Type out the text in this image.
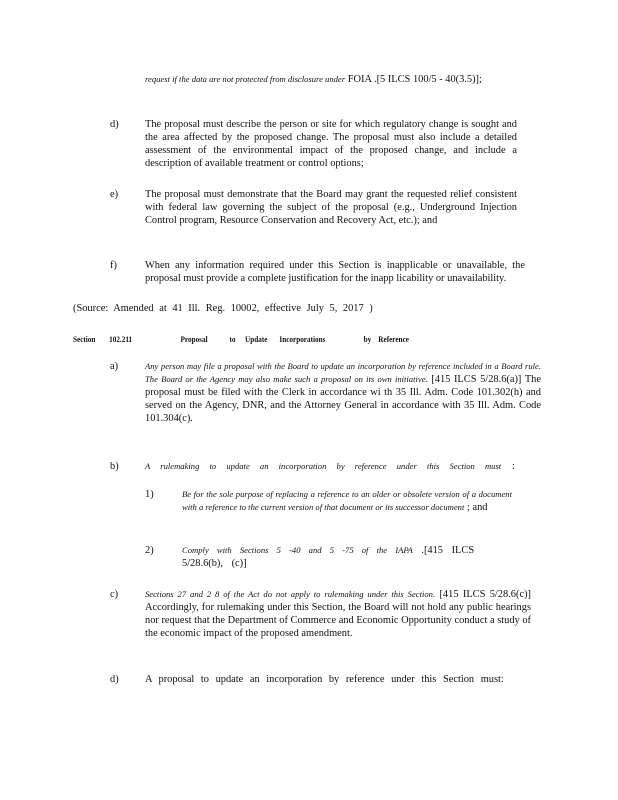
request if the data are not protected from disclosure under FOIA .[5 ILCS 100/5 - 40(3.5)];
d)	The proposal must describe the person or site for which regulatory change is sought and the area affected by the proposed change. The proposal must also include a detailed assessment of the environmental impact of the proposed change, and include a description of available treatment or control options;
e)	The proposal must demonstrate that the Board may grant the requested relief consistent with federal law governing the subject of the proposal (e.g., Underground Injection Control program, Resource Conservation and Recovery Act, etc.); and
f)	When any information required under this Section is inapplicable or unavailable, the proposal must provide a complete justification for the inapp licability or unavailability.
(Source: Amended at 41 Ill. Reg. 10002, effective July 5, 2017 )
Section 102.211	Proposal	to Update Incorporations	by Reference
a)	Any person may file a proposal with the Board to update an incorporation by reference included in a Board rule. The Board or the Agency may also make such a proposal on its own initiative. [415 ILCS 5/28.6(a)] The proposal must be filed with the Clerk in accordance wi th 35 Ill. Adm. Code 101.302(h) and served on the Agency, DNR, and the Attorney General in accordance with 35 Ill. Adm. Code 101.304(c).
b)	A rulemaking to update an incorporation by reference under this Section must :
1)	Be for the sole purpose of replacing a reference to an older or obsolete version of a document with a reference to the current version of that document or its successor document ; and
2)	Comply with Sections 5 -40 and 5 -75 of the IAPA .[415 ILCS 5/28.6(b), (c)]
c)	Sections 27 and 2 8 of the Act do not apply to rulemaking under this Section. [415 ILCS 5/28.6(c)] Accordingly, for rulemaking under this Section, the Board will not hold any public hearings nor request that the Department of Commerce and Economic Opportunity conduct a study of the economic impact of the proposed amendment.
d)	A proposal to update an incorporation by reference under this Section must:
